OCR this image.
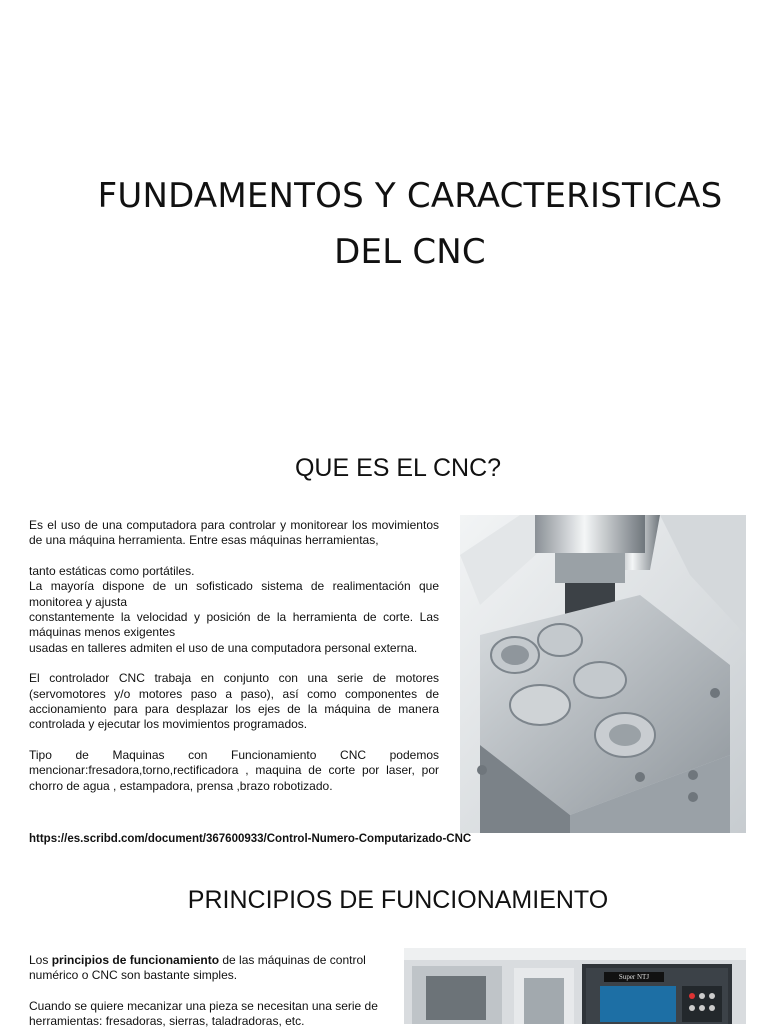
FUNDAMENTOS Y CARACTERISTICAS
DEL CNC
QUE ES EL CNC?

Es el uso de una computadora para controlar y monitorear los movimientos de una máquina herramienta. Entre esas máquinas herramientas,

tanto estáticas como portátiles.

La mayoría dispone de un sofisticado sistema de realimentación que monitorea y ajusta

constantemente la velocidad y posición de la herramienta de corte. Las máquinas menos exigentes

usadas en talleres admiten el uso de una computadora personal externa.

El controlador CNC trabaja en conjunto con una serie de motores (servomotores y/o motores paso a paso), así como componentes de accionamiento para para desplazar los ejes de la máquina de manera controlada y ejecutar los movimientos programados.

Tipo de Maquinas con Funcionamiento CNC podemos mencionar:fresadora,torno,rectificadora , maquina de corte por laser, por chorro de agua , estampadora, prensa ,brazo robotizado.

https://es.scribd.com/document/367600933/Control-Numero-Computarizado-CNC
PRINCIPIOS DE FUNCIONAMIENTO

Los principios de funcionamiento de las máquinas de control numérico o CNC son bastante simples.

Cuando se quiere mecanizar una pieza se necesitan una serie de herramientas: fresadoras, sierras, taladradoras, etc.

Super NTJ
